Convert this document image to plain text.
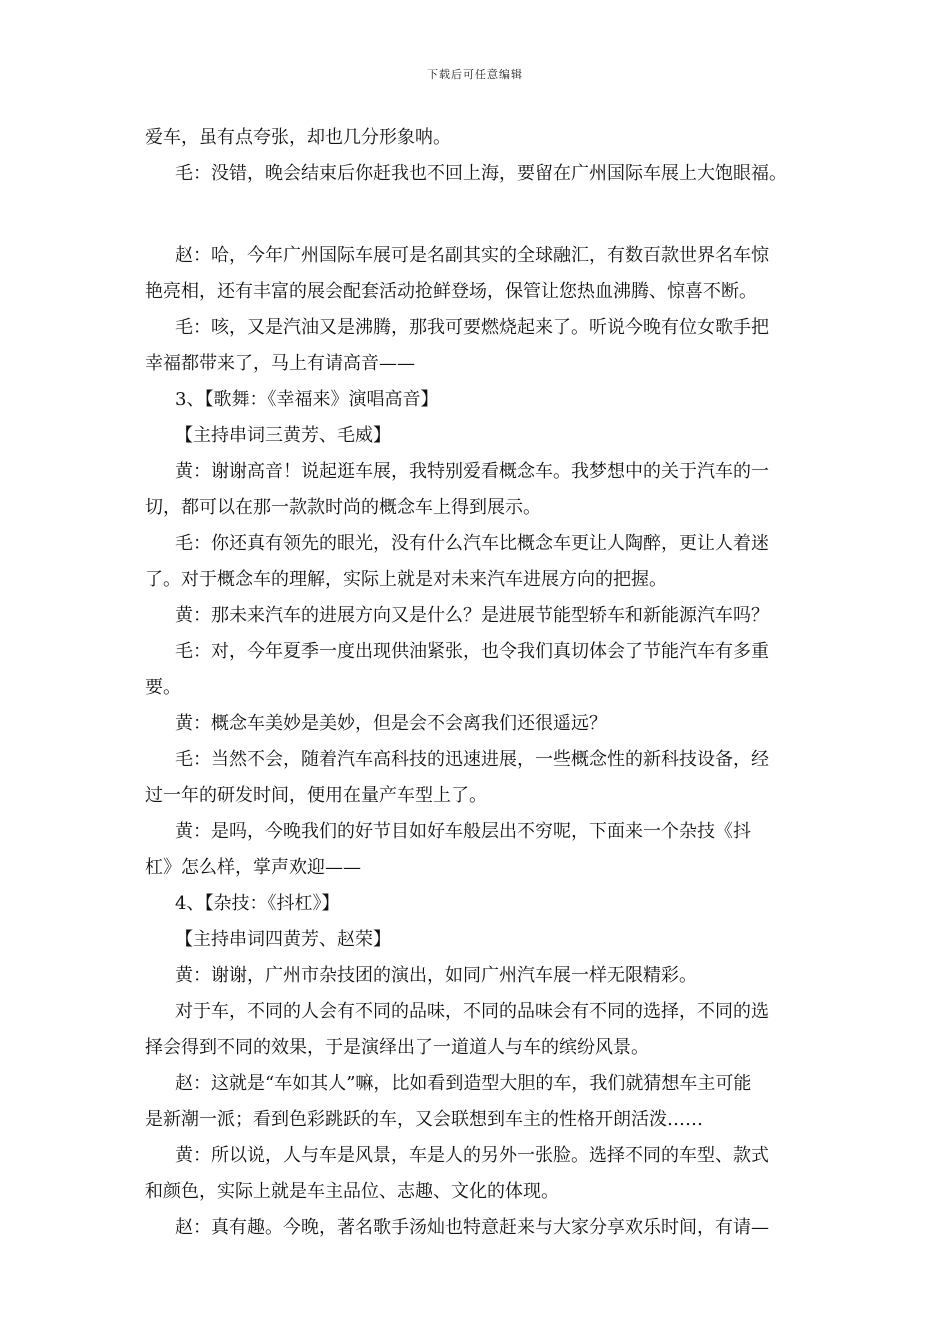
下载后可任意编辑

爱车，虽有点夸张，却也几分形象呐。

毛：没错，晚会结束后你赶我也不回上海，要留在广州国际车展上大饱眼福。

赵：哈，今年广州国际车展可是名副其实的全球融汇，有数百款世界名车惊

艳亮相，还有丰富的展会配套活动抢鲜登场，保管让您热血沸腾、惊喜不断。

毛：咳，又是汽油又是沸腾，那我可要燃烧起来了。听说今晚有位女歌手把

幸福都带来了，马上有请高音——

3、【歌舞：《幸福来》演唱高音】

【主持串词三黄芳、毛威】

黄：谢谢高音！说起逛车展，我特别爱看概念车。我梦想中的关于汽车的一

切，都可以在那一款款时尚的概念车上得到展示。

毛：你还真有领先的眼光，没有什么汽车比概念车更让人陶醉，更让人着迷

了。对于概念车的理解，实际上就是对未来汽车进展方向的把握。

黄：那未来汽车的进展方向又是什么？是进展节能型轿车和新能源汽车吗？

毛：对，今年夏季一度出现供油紧张，也令我们真切体会了节能汽车有多重

要。

黄：概念车美妙是美妙，但是会不会离我们还很遥远？

毛：当然不会，随着汽车高科技的迅速进展，一些概念性的新科技设备，经

过一年的研发时间，便用在量产车型上了。

黄：是吗，今晚我们的好节目如好车般层出不穷呢，下面来一个杂技《抖

杠》怎么样，掌声欢迎——

4、【杂技：《抖杠》】

【主持串词四黄芳、赵荣】

黄：谢谢，广州市杂技团的演出，如同广州汽车展一样无限精彩。

对于车，不同的人会有不同的品味，不同的品味会有不同的选择，不同的选

择会得到不同的效果，于是演绎出了一道道人与车的缤纷风景。

赵：这就是“车如其人”嘛，比如看到造型大胆的车，我们就猜想车主可能

是新潮一派；看到色彩跳跃的车，又会联想到车主的性格开朗活泼……

黄：所以说，人与车是风景，车是人的另外一张脸。选择不同的车型、款式

和颜色，实际上就是车主品位、志趣、文化的体现。

赵：真有趣。今晚，著名歌手汤灿也特意赶来与大家分享欢乐时间，有请—
